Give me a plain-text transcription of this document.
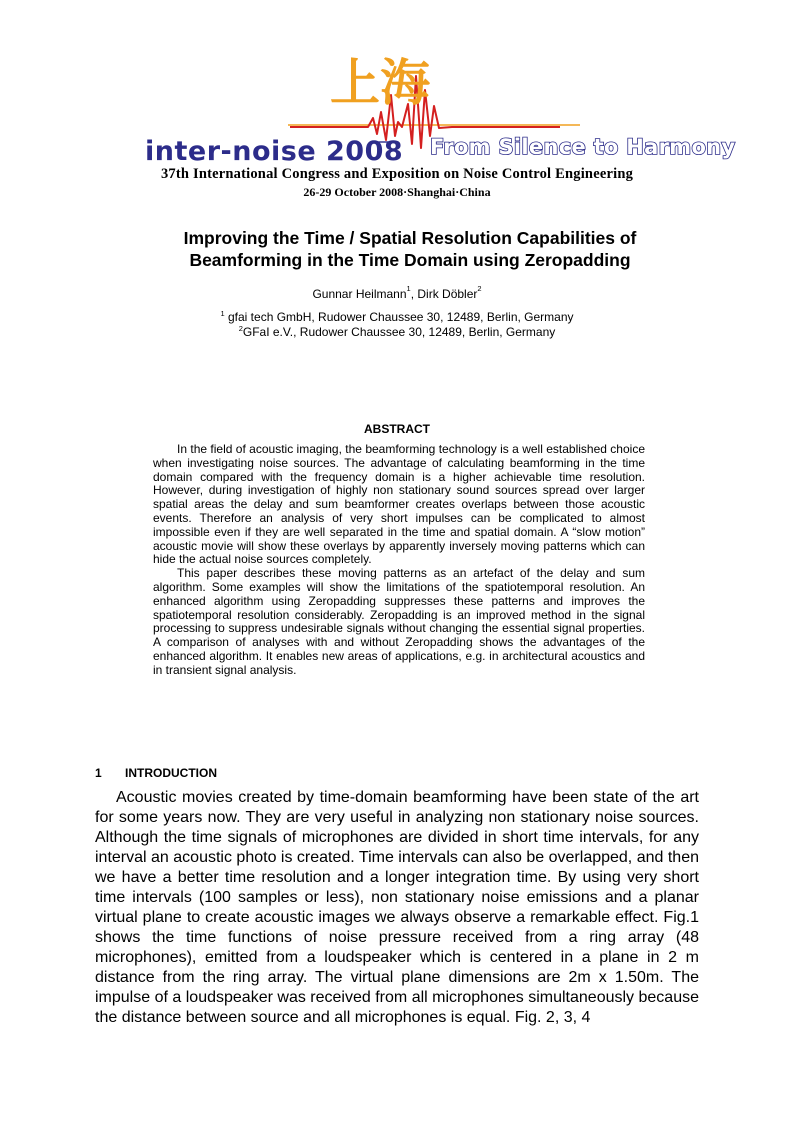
上海
inter-noise 2008 From Silence to Harmony
37th International Congress and Exposition on Noise Control Engineering
26-29 October 2008·Shanghai·China
Improving the Time / Spatial Resolution Capabilities of
Beamforming in the Time Domain using Zeropadding
Gunnar Heilmann$^1$, Dirk Döbler$^2$
$^1$ gfai tech GmbH, Rudower Chaussee 30, 12489, Berlin, Germany
$^2$GFaI e.V., Rudower Chaussee 30, 12489, Berlin, Germany
ABSTRACT

In the field of acoustic imaging, the beamforming technology is a well established choice when investigating noise sources. The advantage of calculating beamforming in the time domain compared with the frequency domain is a higher achievable time resolution. However, during investigation of highly non stationary sound sources spread over larger spatial areas the delay and sum beamformer creates overlaps between those acoustic events. Therefore an analysis of very short impulses can be complicated to almost impossible even if they are well separated in the time and spatial domain. A “slow motion” acoustic movie will show these overlays by apparently inversely moving patterns which can hide the actual noise sources completely.

This paper describes these moving patterns as an artefact of the delay and sum algorithm. Some examples will show the limitations of the spatiotemporal resolution. An enhanced algorithm using Zeropadding suppresses these patterns and improves the spatiotemporal resolution considerably. Zeropadding is an improved method in the signal processing to suppress undesirable signals without changing the essential signal properties. A comparison of analyses with and without Zeropadding shows the advantages of the enhanced algorithm. It enables new areas of applications, e.g. in architectural acoustics and in transient signal analysis.

1 INTRODUCTION

Acoustic movies created by time-domain beamforming have been state of the art for some years now. They are very useful in analyzing non stationary noise sources. Although the time signals of microphones are divided in short time intervals, for any interval an acoustic photo is created. Time intervals can also be overlapped, and then we have a better time resolution and a longer integration time. By using very short time intervals (100 samples or less), non stationary noise emissions and a planar virtual plane to create acoustic images we always observe a remarkable effect. Fig.1 shows the time functions of noise pressure received from a ring array (48 microphones), emitted from a loudspeaker which is centered in a plane in 2 m distance from the ring array. The virtual plane dimensions are 2m x 1.50m. The impulse of a loudspeaker was received from all microphones simultaneously because the distance between source and all microphones is equal. Fig. 2, 3, 4
